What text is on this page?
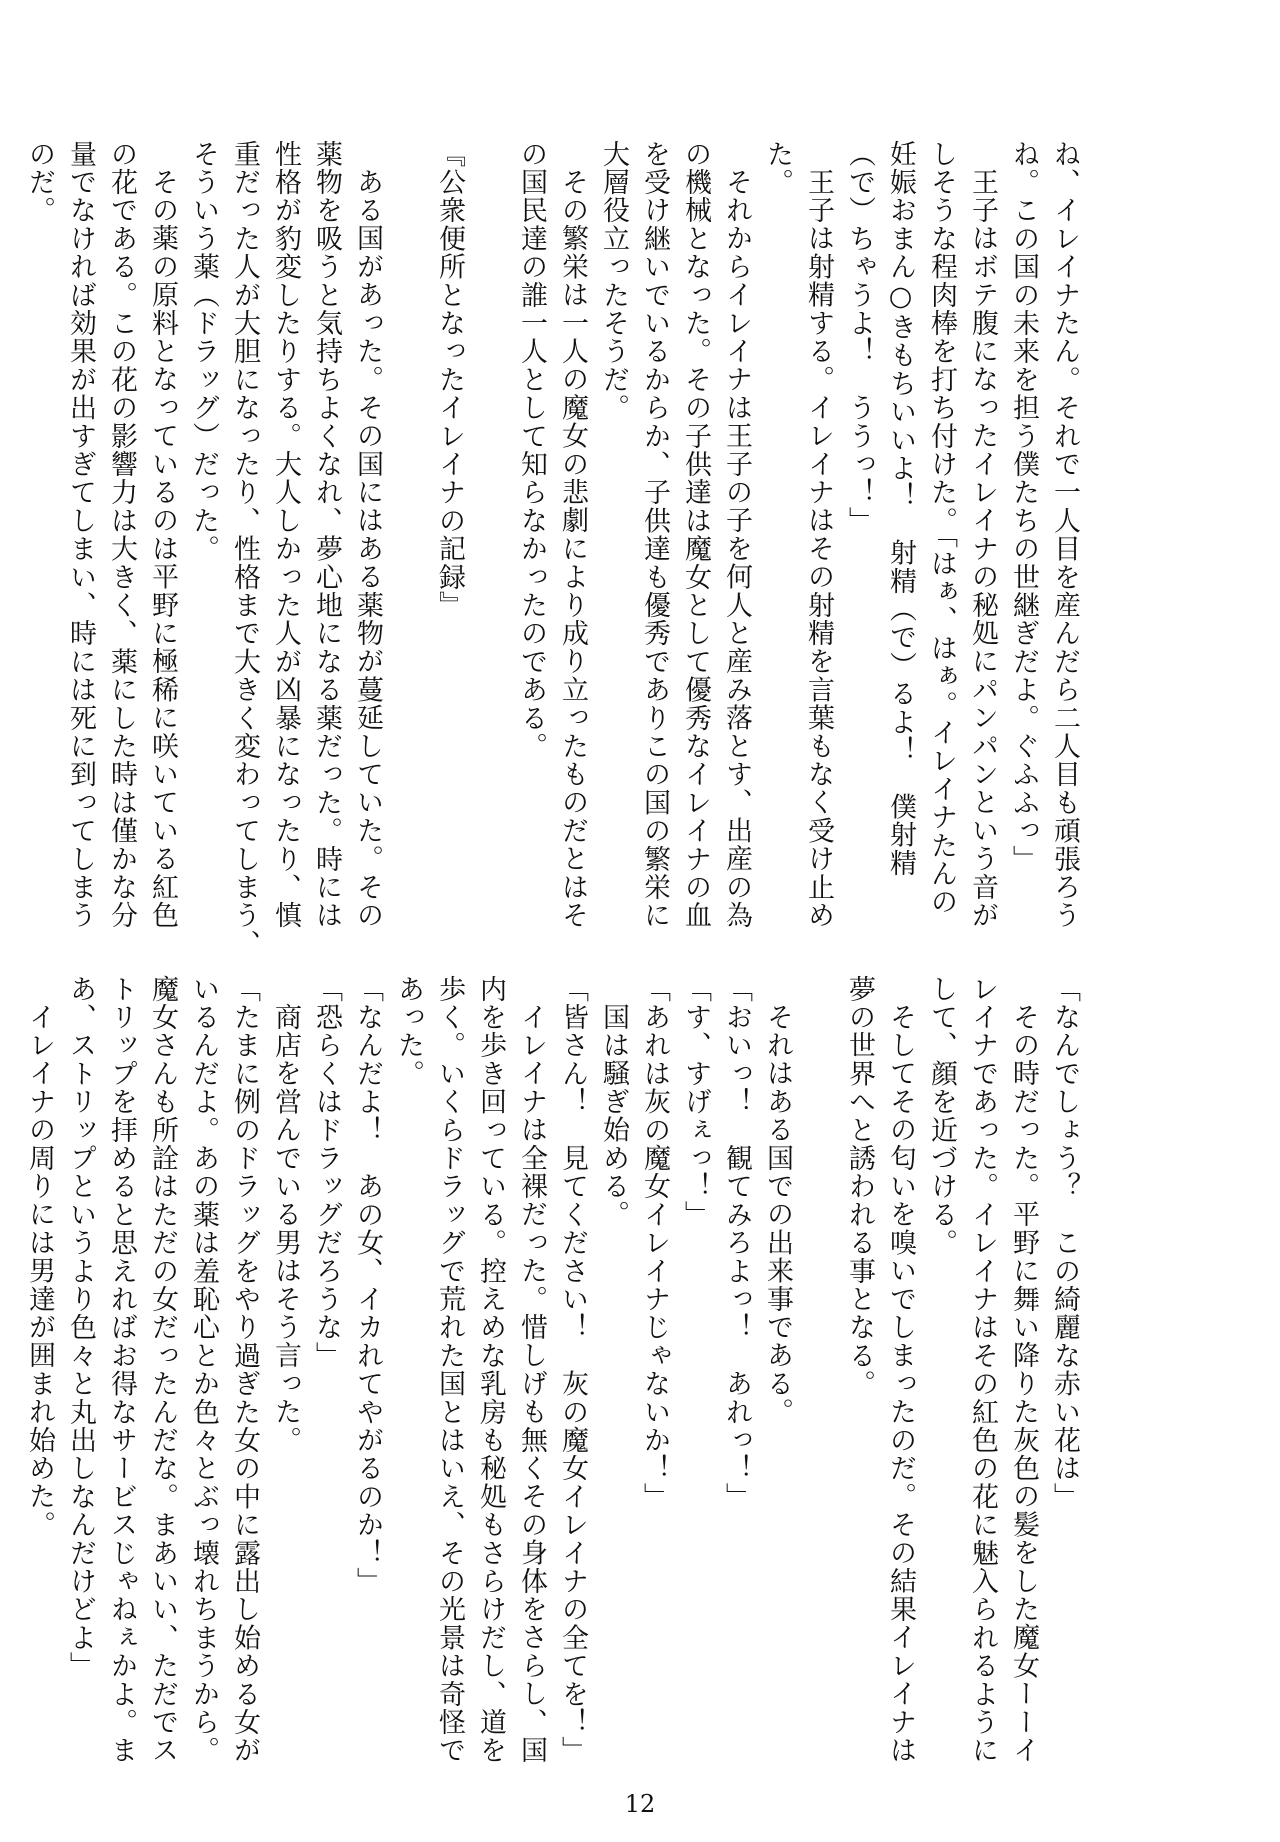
ね、イレイナたん。それで一人目を産んだら二人目も頑張ろう
ね。この国の未来を担う僕たちの世継ぎだよ。ぐふふっ」
王子はボテ腹になったイレイナの秘処にパンパンという音が
しそうな程肉棒を打ち付けた。「はぁ、はぁ。イレイナたんの
妊娠おまん○きもちいいよ！　射精（で）るよ！　僕射精
（で）ちゃうよ！　ううっ！」
王子は射精する。イレイナはその射精を言葉もなく受け止め
た。
それからイレイナは王子の子を何人と産み落とす、出産の為
の機械となった。その子供達は魔女として優秀なイレイナの血
を受け継いでいるからか、子供達も優秀でありこの国の繁栄に
大層役立ったそうだ。
その繁栄は一人の魔女の悲劇により成り立ったものだとはそ
の国民達の誰一人として知らなかったのである。

『公衆便所となったイレイナの記録』

ある国があった。その国にはある薬物が蔓延していた。その
薬物を吸うと気持ちよくなれ、夢心地になる薬だった。時には
性格が豹変したりする。大人しかった人が凶暴になったり、慎
重だった人が大胆になったり、性格まで大きく変わってしまう、
そういう薬（ドラッグ）だった。
その薬の原料となっているのは平野に極稀に咲いている紅色
の花である。この花の影響力は大きく、薬にした時は僅かな分
量でなければ効果が出すぎてしまい、時には死に到ってしまう
のだ。
「なんでしょう？　この綺麗な赤い花は」
その時だった。平野に舞い降りた灰色の髪をした魔女ーーイ
レイナであった。イレイナはその紅色の花に魅入られるように
して、顔を近づける。
そしてその匂いを嗅いでしまったのだ。その結果イレイナは
夢の世界へと誘われる事となる。

それはある国での出来事である。
「おいっ！　観てみろよっ！　あれっ！」
「す、すげぇっ！」
「あれは灰の魔女イレイナじゃないか！」
国は騒ぎ始める。
「皆さん！　見てください！　灰の魔女イレイナの全てを！」
イレイナは全裸だった。惜しげも無くその身体をさらし、国
内を歩き回っている。控えめな乳房も秘処もさらけだし、道を
歩く。いくらドラッグで荒れた国とはいえ、その光景は奇怪で
あった。
「なんだよ！　あの女、イカれてやがるのか！」
「恐らくはドラッグだろうな」
商店を営んでいる男はそう言った。
「たまに例のドラッグをやり過ぎた女の中に露出し始める女が
いるんだよ。あの薬は羞恥心とか色々とぶっ壊れちまうから。
魔女さんも所詮はただの女だったんだな。まあいい、ただでス
トリップを拝めると思えればお得なサービスじゃねぇかよ。ま
あ、ストリップというより色々と丸出しなんだけどよ」
イレイナの周りには男達が囲まれ始めた。
12
